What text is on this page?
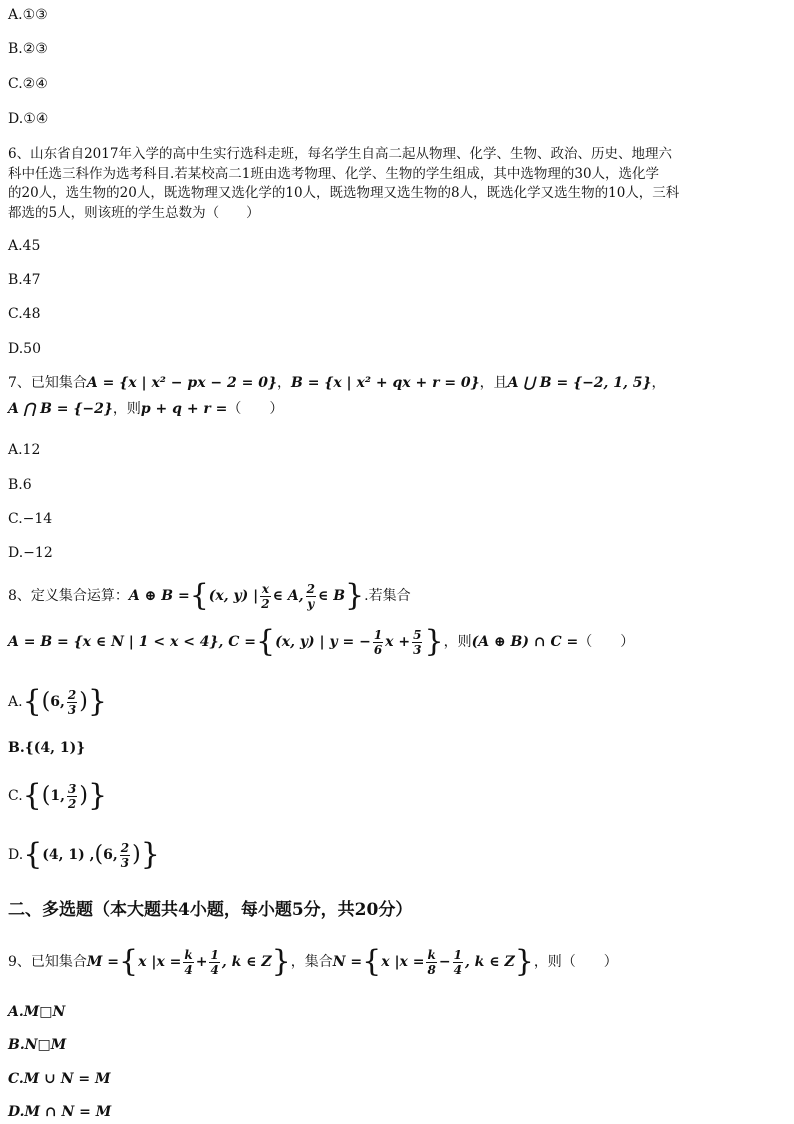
A.①③
B.②③
C.②④
D.①④
6、山东省自2017年入学的高中生实行选科走班，每名学生自高二起从物理、化学、生物、政治、历史、地理六
科中任选三科作为选考科目.若某校高二1班由选考物理、化学、生物的学生组成，其中选物理的30人，选化学
的20人，选生物的20人，既选物理又选化学的10人，既选物理又选生物的8人，既选化学又选生物的10人，三科
都选的5人，则该班的学生总数为（　　）
A.45
B.47
C.48
D.50
7、已知集合A = {x | x² − px − 2 = 0}，B = {x | x² + qx + r = 0}，且A ⋃ B = {−2, 1, 5}，
A ⋂ B = {−2}，则p + q + r =（　　）
A.12
B.6
C.−14
D.−12
8、定义集合运算： A ⊕ B = { (x, y) | $\frac{x}{2}$ ∈ A, $\frac{2}{y}$ ∈ B } .若集合
A = B = {x ∈ N | 1 < x < 4} , C = { (x, y) | y = − $\frac{1}{6}$ $x + \frac{5}{3}$ } ，则 (A ⊕ B) ∩ C = （　　）
A. { ( 6, $\frac{2}{3}$ ) }
B.{(4, 1)}
C. { ( 1, $\frac{3}{2}$ ) }
D. { (4, 1) , ( 6, $\frac{2}{3}$ ) }
二、多选题（本大题共4小题，每小题5分，共20分）
9、已知集合 M = { x $|x = \frac{k}{4} + \frac{1}{4}$ , k ∈ Z } ，集合 N = { x $|x = \frac{k}{8} - \frac{1}{4}$ , k ∈ Z } ，则（　　）
A.M□N
B.N□M
C.M ∪ N = M
D.M ∩ N = M
